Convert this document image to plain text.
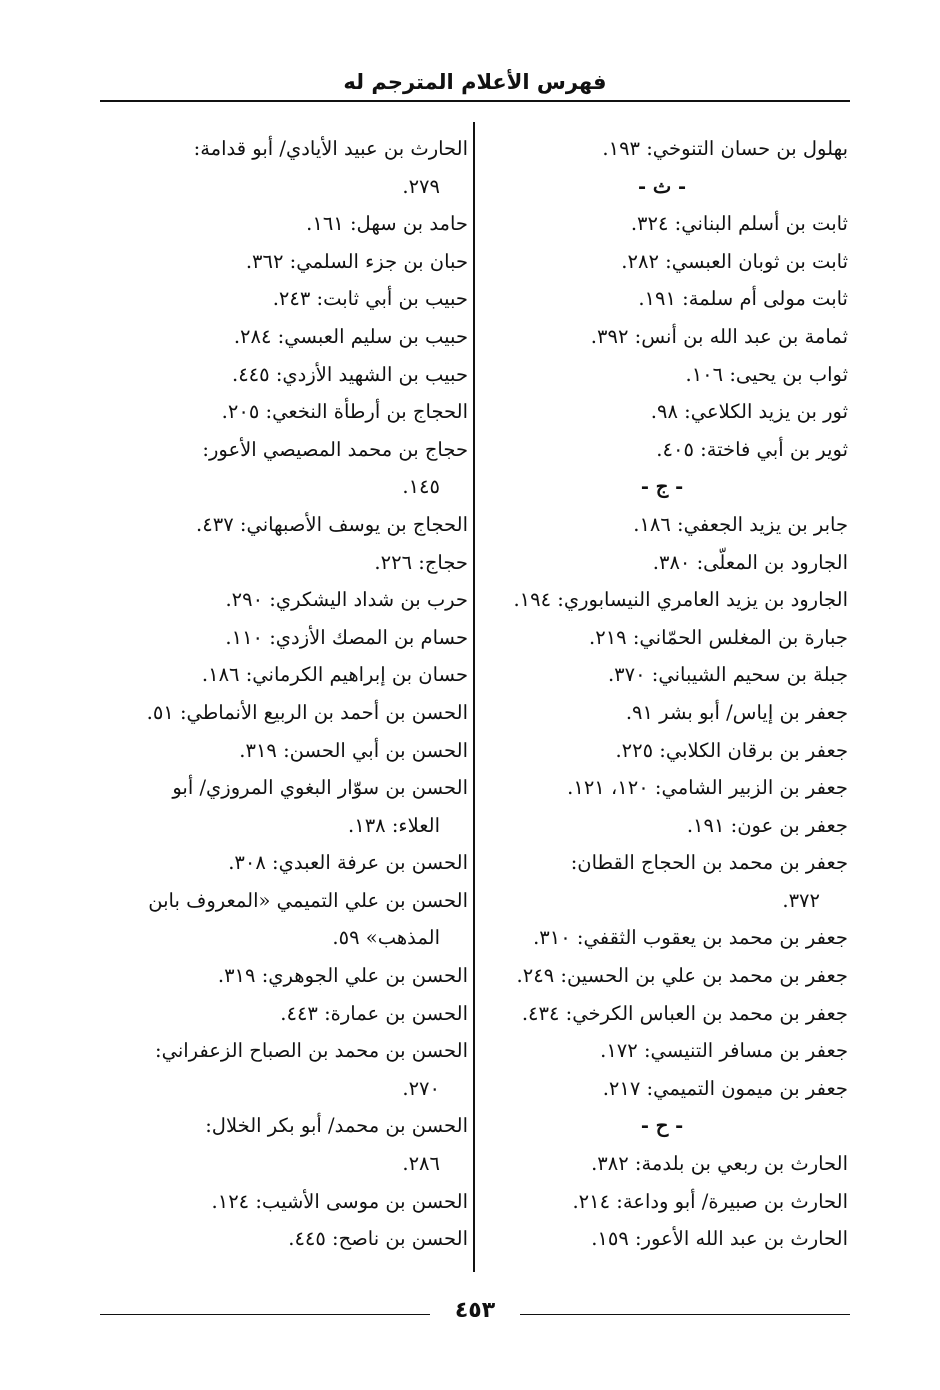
فهرس الأعلام المترجم له
بهلول بن حسان التنوخي: ١٩٣.
- ث -
ثابت بن أسلم البناني: ٣٢٤.
ثابت بن ثوبان العبسي: ٢٨٢.
ثابت مولى أم سلمة: ١٩١.
ثمامة بن عبد الله بن أنس: ٣٩٢.
ثواب بن يحيى: ١٠٦.
ثور بن يزيد الكلاعي: ٩٨.
ثوير بن أبي فاختة: ٤٠٥.
- ج -
جابر بن يزيد الجعفي: ١٨٦.
الجارود بن المعلّى: ٣٨٠.
الجارود بن يزيد العامري النيسابوري: ١٩٤.
جبارة بن المغلس الحمّاني: ٢١٩.
جبلة بن سحيم الشيباني: ٣٧٠.
جعفر بن إياس/ أبو بشر ٩١.
جعفر بن برقان الكلابي: ٢٢٥.
جعفر بن الزبير الشامي: ١٢٠، ١٢١.
جعفر بن عون: ١٩١.
جعفر بن محمد بن الحجاج القطان:
٣٧٢.
جعفر بن محمد بن يعقوب الثقفي: ٣١٠.
جعفر بن محمد بن علي بن الحسين: ٢٤٩.
جعفر بن محمد بن العباس الكرخي: ٤٣٤.
جعفر بن مسافر التنيسي: ١٧٢.
جعفر بن ميمون التميمي: ٢١٧.
- ح -
الحارث بن ربعي بن بلدمة: ٣٨٢.
الحارث بن صبيرة/ أبو وداعة: ٢١٤.
الحارث بن عبد الله الأعور: ١٥٩.
الحارث بن عبيد الأيادي/ أبو قدامة:
٢٧٩.
حامد بن سهل: ١٦١.
حبان بن جزء السلمي: ٣٦٢.
حبيب بن أبي ثابت: ٢٤٣.
حبيب بن سليم العبسي: ٢٨٤.
حبيب بن الشهيد الأزدي: ٤٤٥.
الحجاج بن أرطأة النخعي: ٢٠٥.
حجاج بن محمد المصيصي الأعور:
١٤٥.
الحجاج بن يوسف الأصبهاني: ٤٣٧.
حجاج: ٢٢٦.
حرب بن شداد اليشكري: ٢٩٠.
حسام بن المصك الأزدي: ١١٠.
حسان بن إبراهيم الكرماني: ١٨٦.
الحسن بن أحمد بن الربيع الأنماطي: ٥١.
الحسن بن أبي الحسن: ٣١٩.
الحسن بن سوّار البغوي المروزي/ أبو
العلاء: ١٣٨.
الحسن بن عرفة العبدي: ٣٠٨.
الحسن بن علي التميمي «المعروف بابن
المذهب» ٥٩.
الحسن بن علي الجوهري: ٣١٩.
الحسن بن عمارة: ٤٤٣.
الحسن بن محمد بن الصباح الزعفراني:
٢٧٠.
الحسن بن محمد/ أبو بكر الخلال:
٢٨٦.
الحسن بن موسى الأشيب: ١٢٤.
الحسن بن ناصح: ٤٤٥.
٤٥٣
